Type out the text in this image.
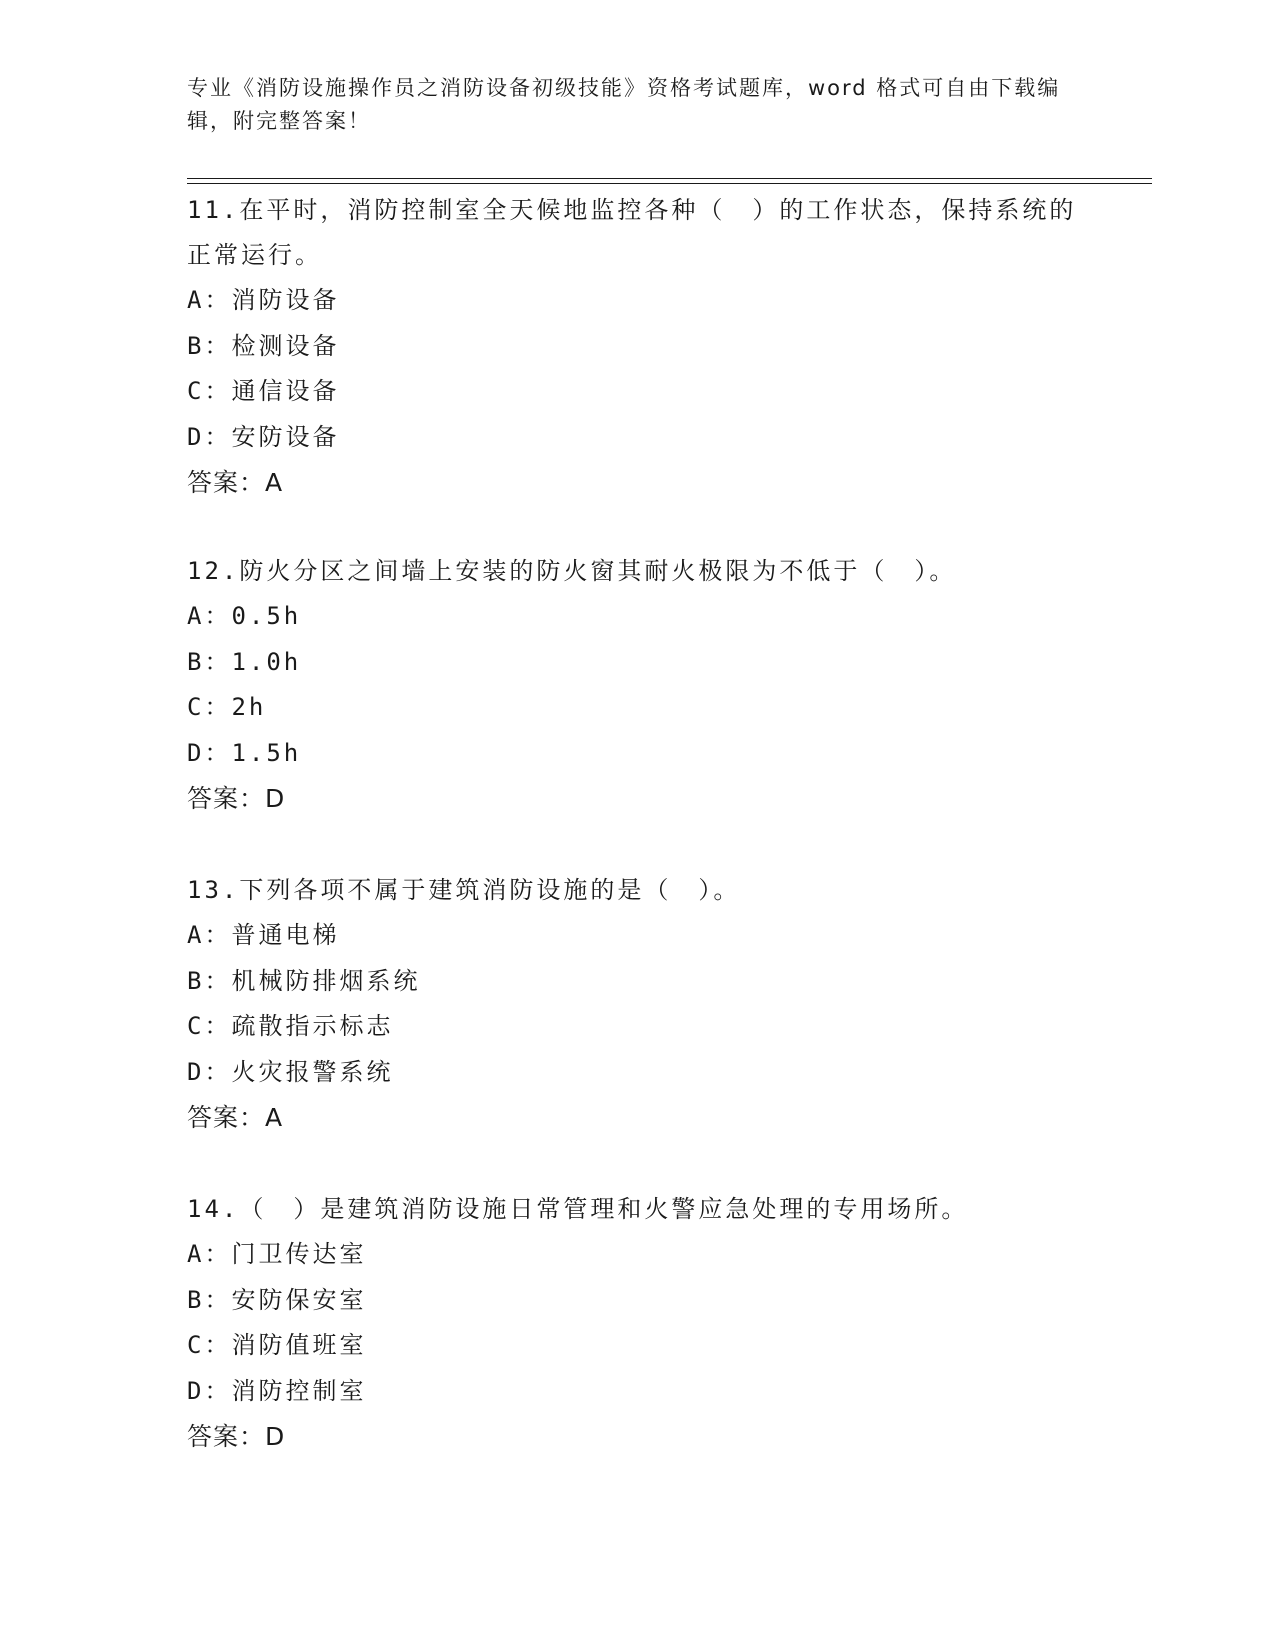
专业《消防设施操作员之消防设备初级技能》资格考试题库，word 格式可自由下载编辑，附完整答案！
11.在平时，消防控制室全天候地监控各种（　）的工作状态，保持系统的正常运行。
A：消防设备
B：检测设备
C：通信设备
D：安防设备
答案：A
12.防火分区之间墙上安装的防火窗其耐火极限为不低于（　）。
A：0.5h
B：1.0h
C：2h
D：1.5h
答案：D
13.下列各项不属于建筑消防设施的是（　）。
A：普通电梯
B：机械防排烟系统
C：疏散指示标志
D：火灾报警系统
答案：A
14.（　）是建筑消防设施日常管理和火警应急处理的专用场所。
A：门卫传达室
B：安防保安室
C：消防值班室
D：消防控制室
答案：D
